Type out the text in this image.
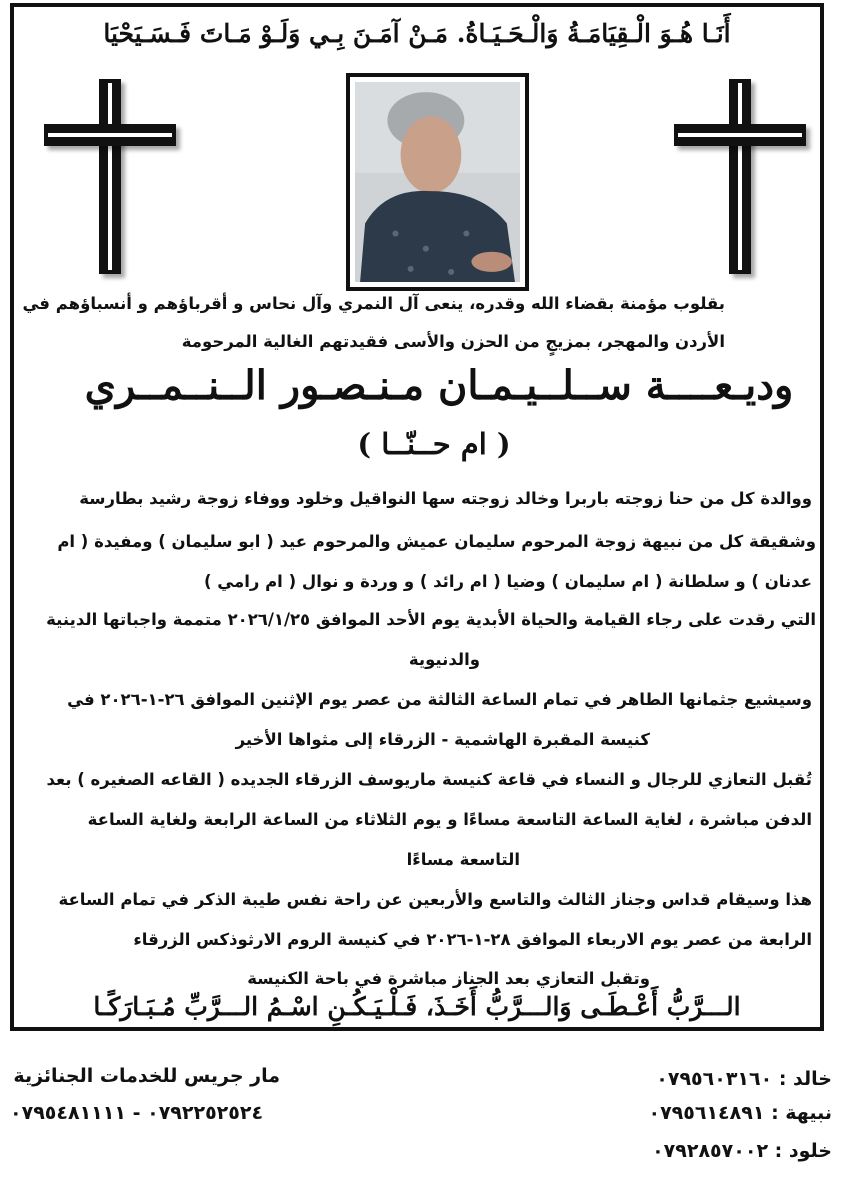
أَنَـا هُـوَ الْـقِيَامَـةُ وَالْـحَـيَـاةُ. مَـنْ آمَـنَ بِـي وَلَـوْ مَـاتَ فَـسَـيَحْيَا
بقلوب مؤمنة بقضاء الله وقدره، ينعى آل النمري وآل نحاس و أقرباؤهم و أنسباؤهم في
الأردن والمهجر، بمزيجٍ من الحزن والأسى فقيدتهم الغالية المرحومة
وديـعــــة ســلــيـمـان مـنـصـور الــنــمــري
( ام حــنّــا )
ووالدة كل من حنا زوجته باربرا وخالد زوجته سها النواقيل وخلود ووفاء زوجة رشيد بطارسة
وشقيقة كل من نبيهة زوجة المرحوم سليمان عميش والمرحوم عيد ( ابو سليمان ) ومفيدة ( ام
عدنان ) و سلطانة ( ام سليمان ) وضيا ( ام رائد ) و وردة و نوال ( ام رامي )
التي رقدت على رجاء القيامة والحياة الأبدية يوم الأحد الموافق ٢٠٢٦/١/٢٥ متممة واجباتها الدينية
والدنيوية
وسيشيع جثمانها الطاهر في تمام الساعة الثالثة من عصر يوم الإثنين الموافق ٢٦-١-٢٠٢٦ في
كنيسة المقبرة الهاشمية - الزرقاء إلى مثواها الأخير
تُقبل التعازي للرجال و النساء في قاعة كنيسة ماريوسف الزرقاء الجديده ( القاعه الصغيره ) بعد
الدفن مباشرة ، لغاية الساعة التاسعة مساءًا و يوم الثلاثاء من الساعة الرابعة ولغاية الساعة
التاسعة مساءًا
هذا وسيقام قداس وجناز الثالث والتاسع والأربعين عن راحة نفس طيبة الذكر في تمام الساعة
الرابعة من عصر يوم الاربعاء الموافق ٢٨-١-٢٠٢٦ في كنيسة الروم الارثوذكس الزرقاء
وتقبل التعازي بعد الجناز مباشرة في باحة الكنيسة
الـــرَّبُّ أَعْـطَـى وَالـــرَّبُّ أَخَـذَ، فَـلْـيَـكُـنِ اسْـمُ الـــرَّبِّ مُـبَـارَكًـا
مار جريس للخدمات الجنائزية
٠٧٩٢٢٥٢٥٢٤ - ٠٧٩٥٤٨١١١١
خالد : ٠٧٩٥٦٠٣١٦٠
نبيهة : ٠٧٩٥٦١٤٨٩١
خلود : ٠٧٩٢٨٥٧٠٠٢
